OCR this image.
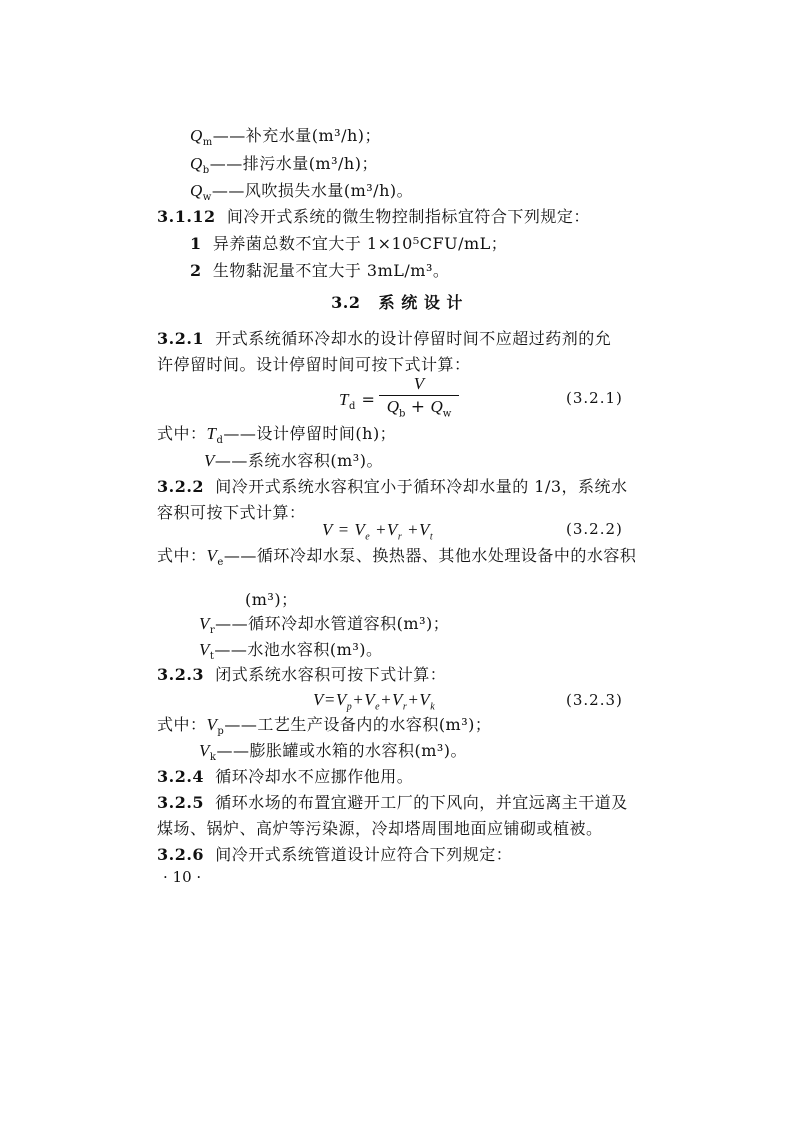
$Q_m——$补充水量(m³/h)；
$Q_b——$排污水量(m³/h)；
$Q_w——$风吹损失水量(m³/h)。
3.1.12 间冷开式系统的微生物控制指标宜符合下列规定：
1 异养菌总数不宜大于 1×10⁵CFU/mL；
2 生物黏泥量不宜大于 3mL/m³。
3.2 系 统 设 计
3.2.1 开式系统循环冷却水的设计停留时间不应超过药剂的允
许停留时间。设计停留时间可按下式计算：
$T_d$ =
V
$Q_b + Q_w$
(3.2.1)
式中：$T_d——$设计停留时间(h)；
V——系统水容积(m³)。
3.2.2 间冷开式系统水容积宜小于循环冷却水量的 1/3，系统水
容积可按下式计算：
$V = V_e +V_r +V_t$	(3.2.2)
式中：$V_e——$循环冷却水泵、换热器、其他水处理设备中的水容积
(m³)；
$V_r——$循环冷却水管道容积(m³)；
$V_t——$水池水容积(m³)。
3.2.3 闭式系统水容积可按下式计算：
$V=V_p+V_e+V_r+V_k$	(3.2.3)
式中：$V_p——$工艺生产设备内的水容积(m³)；
$V_k——$膨胀罐或水箱的水容积(m³)。
3.2.4 循环冷却水不应挪作他用。
3.2.5 循环水场的布置宜避开工厂的下风向，并宜远离主干道及
煤场、锅炉、高炉等污染源，冷却塔周围地面应铺砌或植被。
3.2.6 间冷开式系统管道设计应符合下列规定：
· 10 ·
